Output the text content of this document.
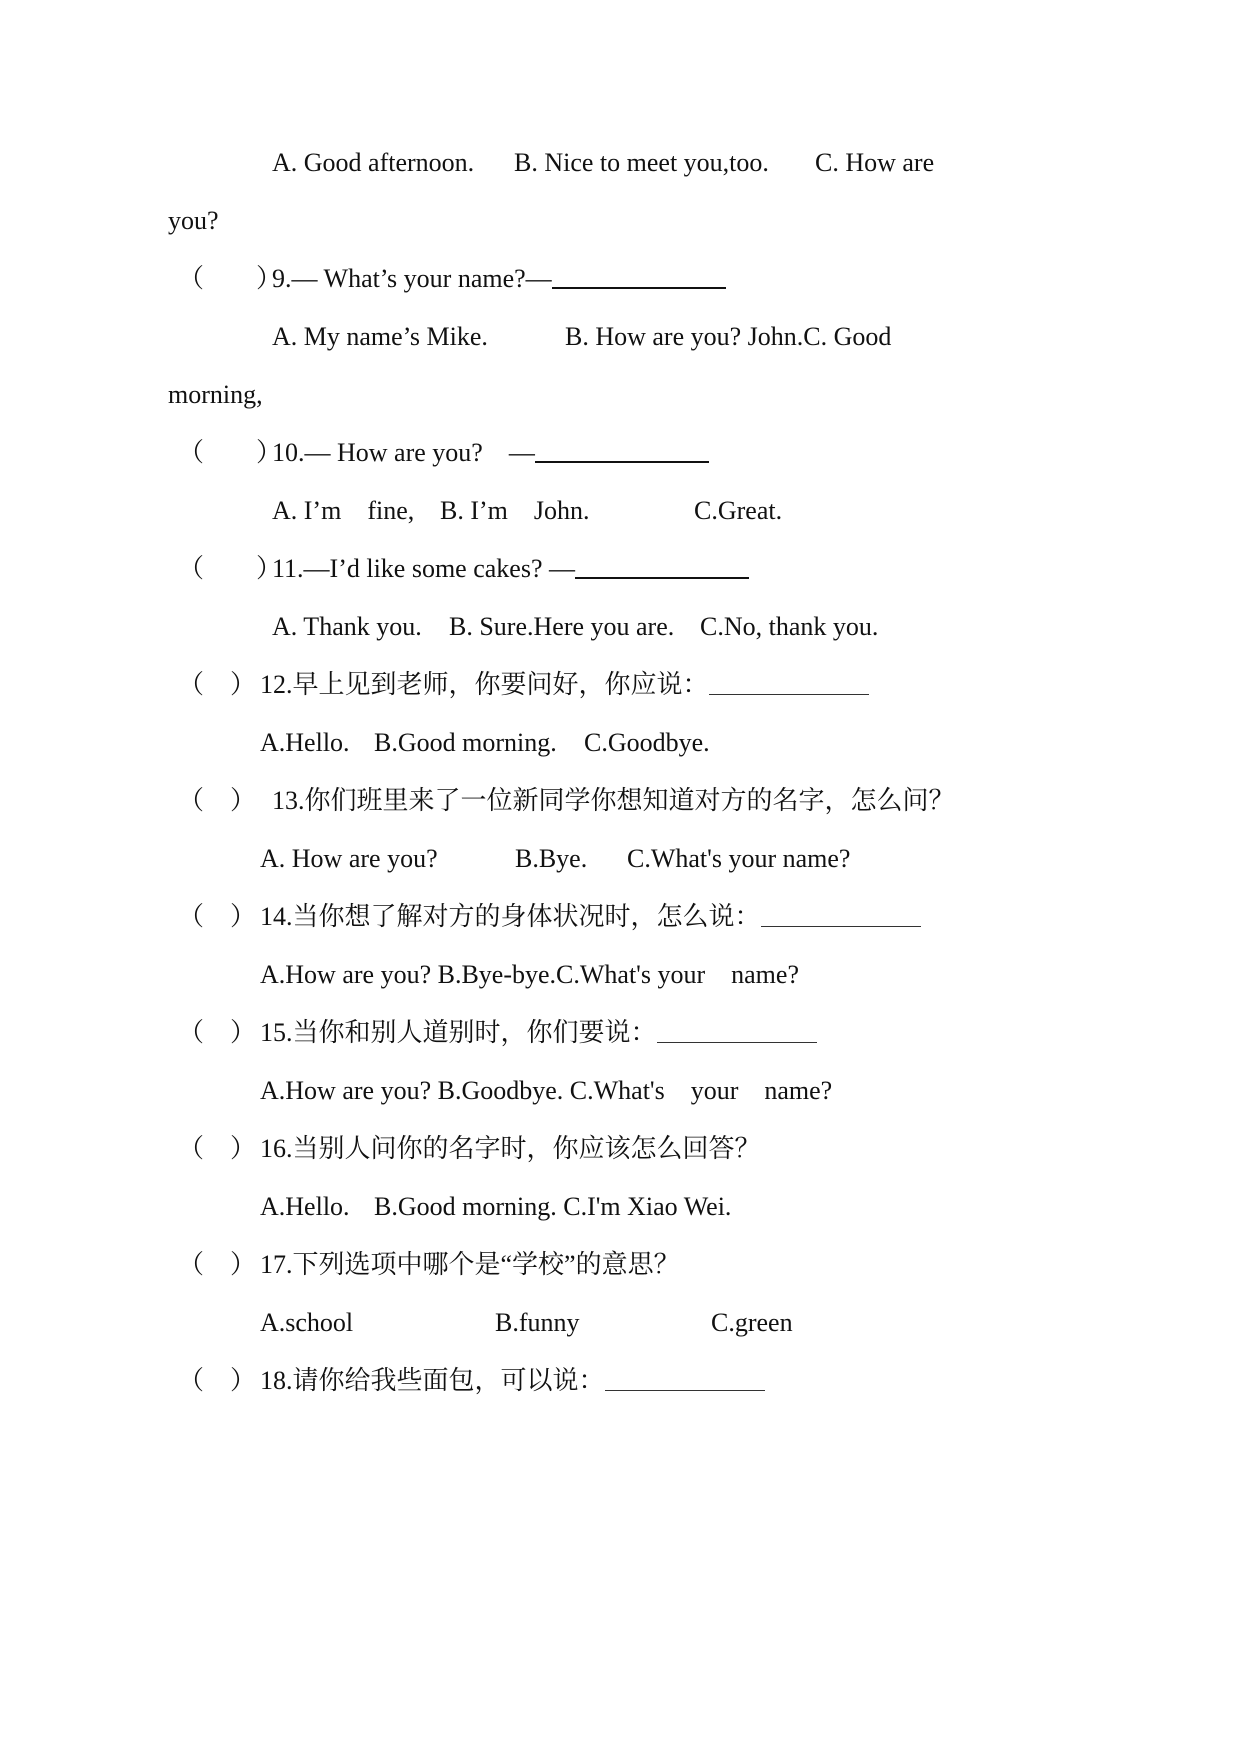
A. Good afternoon. B. Nice to meet you,too. C. How are
you?
（　　）
9.— What’s your name?—
A. My name’s Mike.	B. How are you? John.C. Good
morning,
（　　）
10.— How are you?　—
A. I’m　fine, B. I’m　John.	C.Great.
（　　）
11.—I’d like some cakes? —
A. Thank you. B. Sure.Here you are. C.No, thank you.
（　） 12.早上见到老师，你要问好，你应说：
A.Hello. B.Good morning. C.Goodbye.
（　） 13.你们班里来了一位新同学你想知道对方的名字，怎么问？
A. How are you?	B.Bye. C.What's your name?
（　） 14.当你想了解对方的身体状况时，怎么说：
A.How are you? B.Bye-bye.C.What's your　name?
（　） 15.当你和别人道别时，你们要说：
A.How are you? B.Goodbye. C.What's　your　name?
（　） 16.当别人问你的名字时，你应该怎么回答？
A.Hello. B.Good morning. C.I'm Xiao Wei.
（　） 17.下列选项中哪个是“学校”的意思？
A.school	B.funny	C.green
（　） 18.请你给我些面包，可以说：
